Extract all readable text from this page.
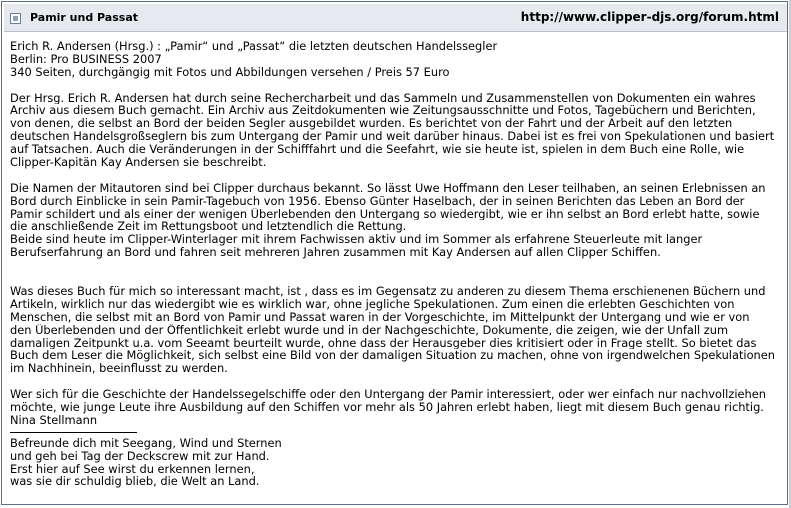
Pamir und Passat	http://www.clipper-djs.org/forum.html
Erich R. Andersen (Hrsg.) : „Pamir“ und „Passat“ die letzten deutschen Handelssegler
Berlin: Pro BUSINESS 2007
340 Seiten, durchgängig mit Fotos und Abbildungen versehen / Preis 57 Euro
Der Hrsg. Erich R. Andersen hat durch seine Rechercharbeit und das Sammeln und Zusammenstellen von Dokumenten ein wahres
Archiv aus diesem Buch gemacht. Ein Archiv aus Zeitdokumenten wie Zeitungsausschnitte und Fotos, Tagebüchern und Berichten,
von denen, die selbst an Bord der beiden Segler ausgebildet wurden. Es berichtet von der Fahrt und der Arbeit auf den letzten
deutschen Handelsgroßseglern bis zum Untergang der Pamir und weit darüber hinaus. Dabei ist es frei von Spekulationen und basiert
auf Tatsachen. Auch die Veränderungen in der Schifffahrt und die Seefahrt, wie sie heute ist, spielen in dem Buch eine Rolle, wie
Clipper-Kapitän Kay Andersen sie beschreibt.
Die Namen der Mitautoren sind bei Clipper durchaus bekannt. So lässt Uwe Hoffmann den Leser teilhaben, an seinen Erlebnissen an
Bord durch Einblicke in sein Pamir-Tagebuch von 1956. Ebenso Günter Haselbach, der in seinen Berichten das Leben an Bord der
Pamir schildert und als einer der wenigen Überlebenden den Untergang so wiedergibt, wie er ihn selbst an Bord erlebt hatte, sowie
die anschließende Zeit im Rettungsboot und letztendlich die Rettung.
Beide sind heute im Clipper-Winterlager mit ihrem Fachwissen aktiv und im Sommer als erfahrene Steuerleute mit langer
Berufserfahrung an Bord und fahren seit mehreren Jahren zusammen mit Kay Andersen auf allen Clipper Schiffen.
Was dieses Buch für mich so interessant macht, ist , dass es im Gegensatz zu anderen zu diesem Thema erschienenen Büchern und
Artikeln, wirklich nur das wiedergibt wie es wirklich war, ohne jegliche Spekulationen. Zum einen die erlebten Geschichten von
Menschen, die selbst mit an Bord von Pamir und Passat waren in der Vorgeschichte, im Mittelpunkt der Untergang und wie er von
den Überlebenden und der Öffentlichkeit erlebt wurde und in der Nachgeschichte, Dokumente, die zeigen, wie der Unfall zum
damaligen Zeitpunkt u.a. vom Seeamt beurteilt wurde, ohne dass der Herausgeber dies kritisiert oder in Frage stellt. So bietet das
Buch dem Leser die Möglichkeit, sich selbst eine Bild von der damaligen Situation zu machen, ohne von irgendwelchen Spekulationen
im Nachhinein, beeinflusst zu werden.
Wer sich für die Geschichte der Handelssegelschiffe oder den Untergang der Pamir interessiert, oder wer einfach nur nachvollziehen
möchte, wie junge Leute ihre Ausbildung auf den Schiffen vor mehr als 50 Jahren erlebt haben, liegt mit diesem Buch genau richtig.
Nina Stellmann
Befreunde dich mit Seegang, Wind und Sternen
und geh bei Tag der Deckscrew mit zur Hand.
Erst hier auf See wirst du erkennen lernen,
was sie dir schuldig blieb, die Welt an Land.
